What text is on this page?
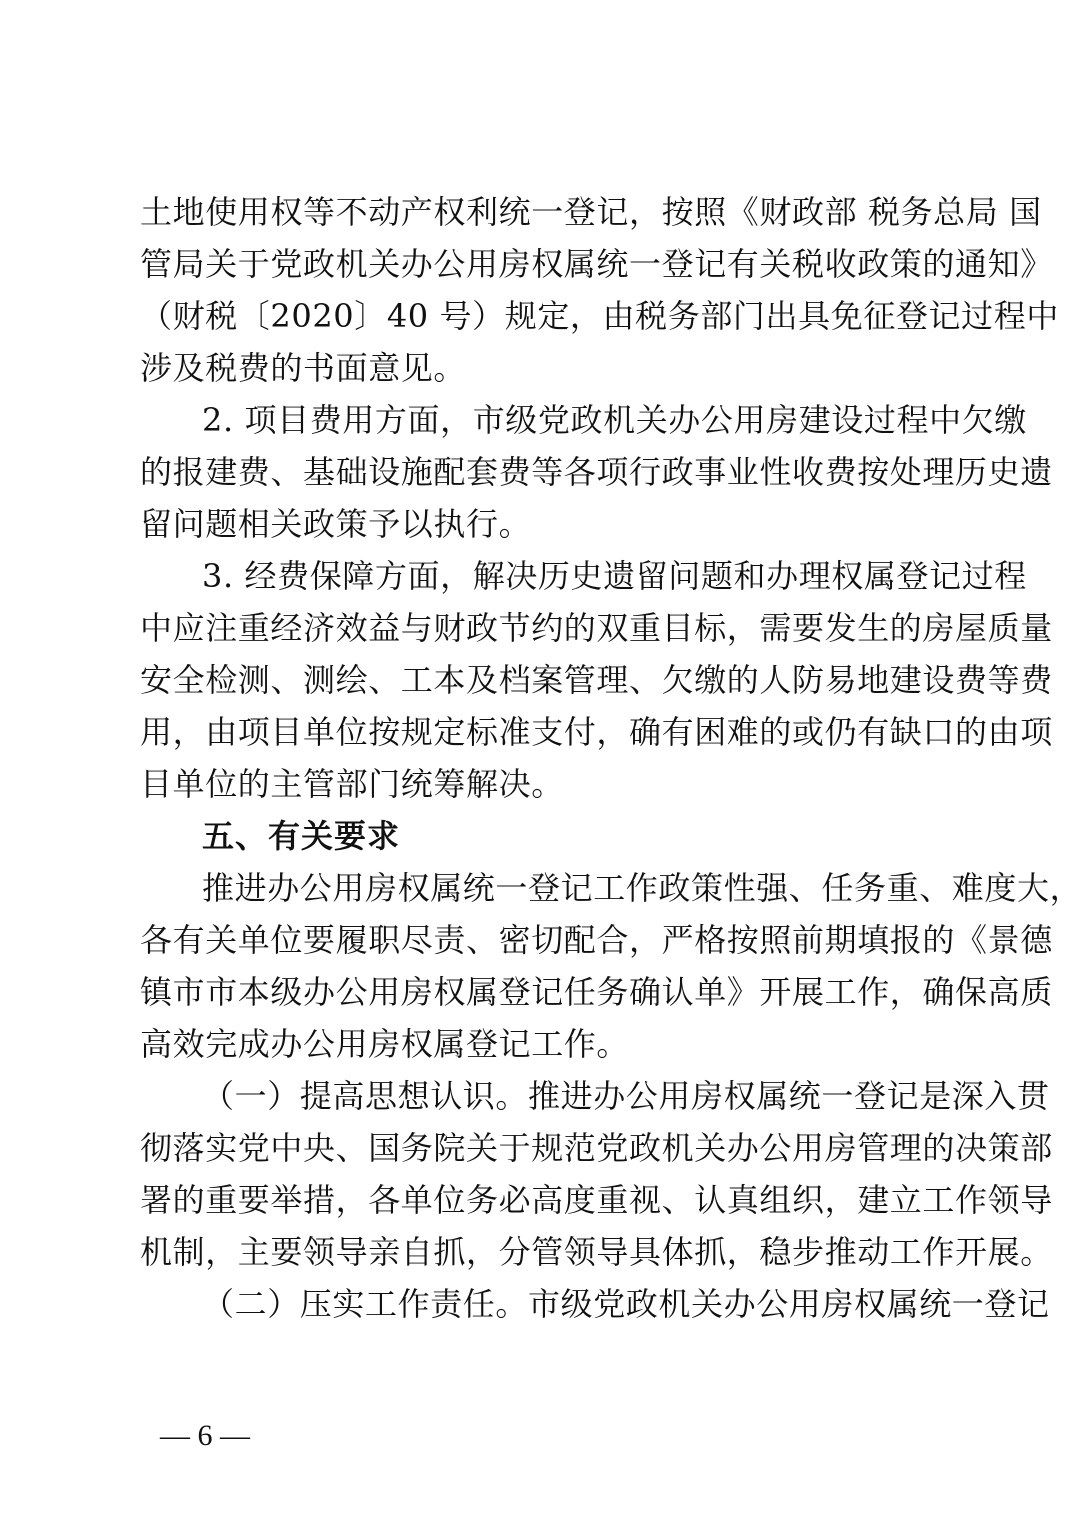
土地使用权等不动产权利统一登记，按照《财政部 税务总局 国
管局关于党政机关办公用房权属统一登记有关税收政策的通知》
（财税〔2020〕40 号）规定，由税务部门出具免征登记过程中
涉及税费的书面意见。
2. 项目费用方面，市级党政机关办公用房建设过程中欠缴
的报建费、基础设施配套费等各项行政事业性收费按处理历史遗
留问题相关政策予以执行。
3. 经费保障方面，解决历史遗留问题和办理权属登记过程
中应注重经济效益与财政节约的双重目标，需要发生的房屋质量
安全检测、测绘、工本及档案管理、欠缴的人防易地建设费等费
用，由项目单位按规定标准支付，确有困难的或仍有缺口的由项
目单位的主管部门统筹解决。
五、有关要求
推进办公用房权属统一登记工作政策性强、任务重、难度大，
各有关单位要履职尽责、密切配合，严格按照前期填报的《景德
镇市市本级办公用房权属登记任务确认单》开展工作，确保高质
高效完成办公用房权属登记工作。
（一）提高思想认识。推进办公用房权属统一登记是深入贯
彻落实党中央、国务院关于规范党政机关办公用房管理的决策部
署的重要举措，各单位务必高度重视、认真组织，建立工作领导
机制，主要领导亲自抓，分管领导具体抓，稳步推动工作开展。
（二）压实工作责任。市级党政机关办公用房权属统一登记
— 6 —
